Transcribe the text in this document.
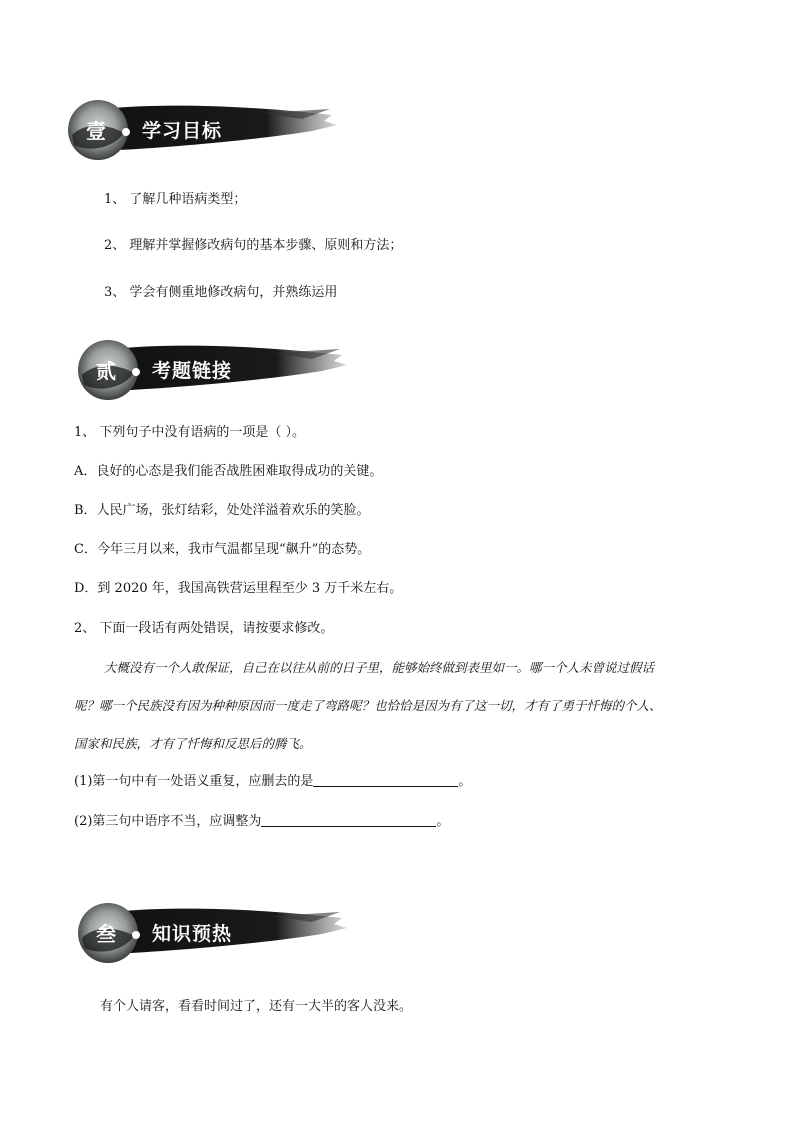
壹 学习目标
1、 了解几种语病类型；
2、 理解并掌握修改病句的基本步骤、原则和方法；
3、 学会有侧重地修改病句，并熟练运用
贰 考题链接
1、 下列句子中没有语病的一项是（ ）。
A．良好的心态是我们能否战胜困难取得成功的关键。
B．人民广场，张灯结彩，处处洋溢着欢乐的笑脸。
C．今年三月以来，我市气温都呈现“飙升”的态势。
D．到 2020 年，我国高铁营运里程至少 3 万千米左右。
2、 下面一段话有两处错误，请按要求修改。
大概没有一个人敢保证，自己在以往从前的日子里，能够始终做到表里如一。哪一个人未曾说过假话
呢？哪一个民族没有因为种种原因而一度走了弯路呢？也恰恰是因为有了这一切，才有了勇于忏悔的个人、
国家和民族，才有了忏悔和反思后的腾飞。
(1)第一句中有一处语义重复，应删去的是	。
(2)第三句中语序不当，应调整为	。
叁 知识预热
有个人请客，看看时间过了，还有一大半的客人没来。
